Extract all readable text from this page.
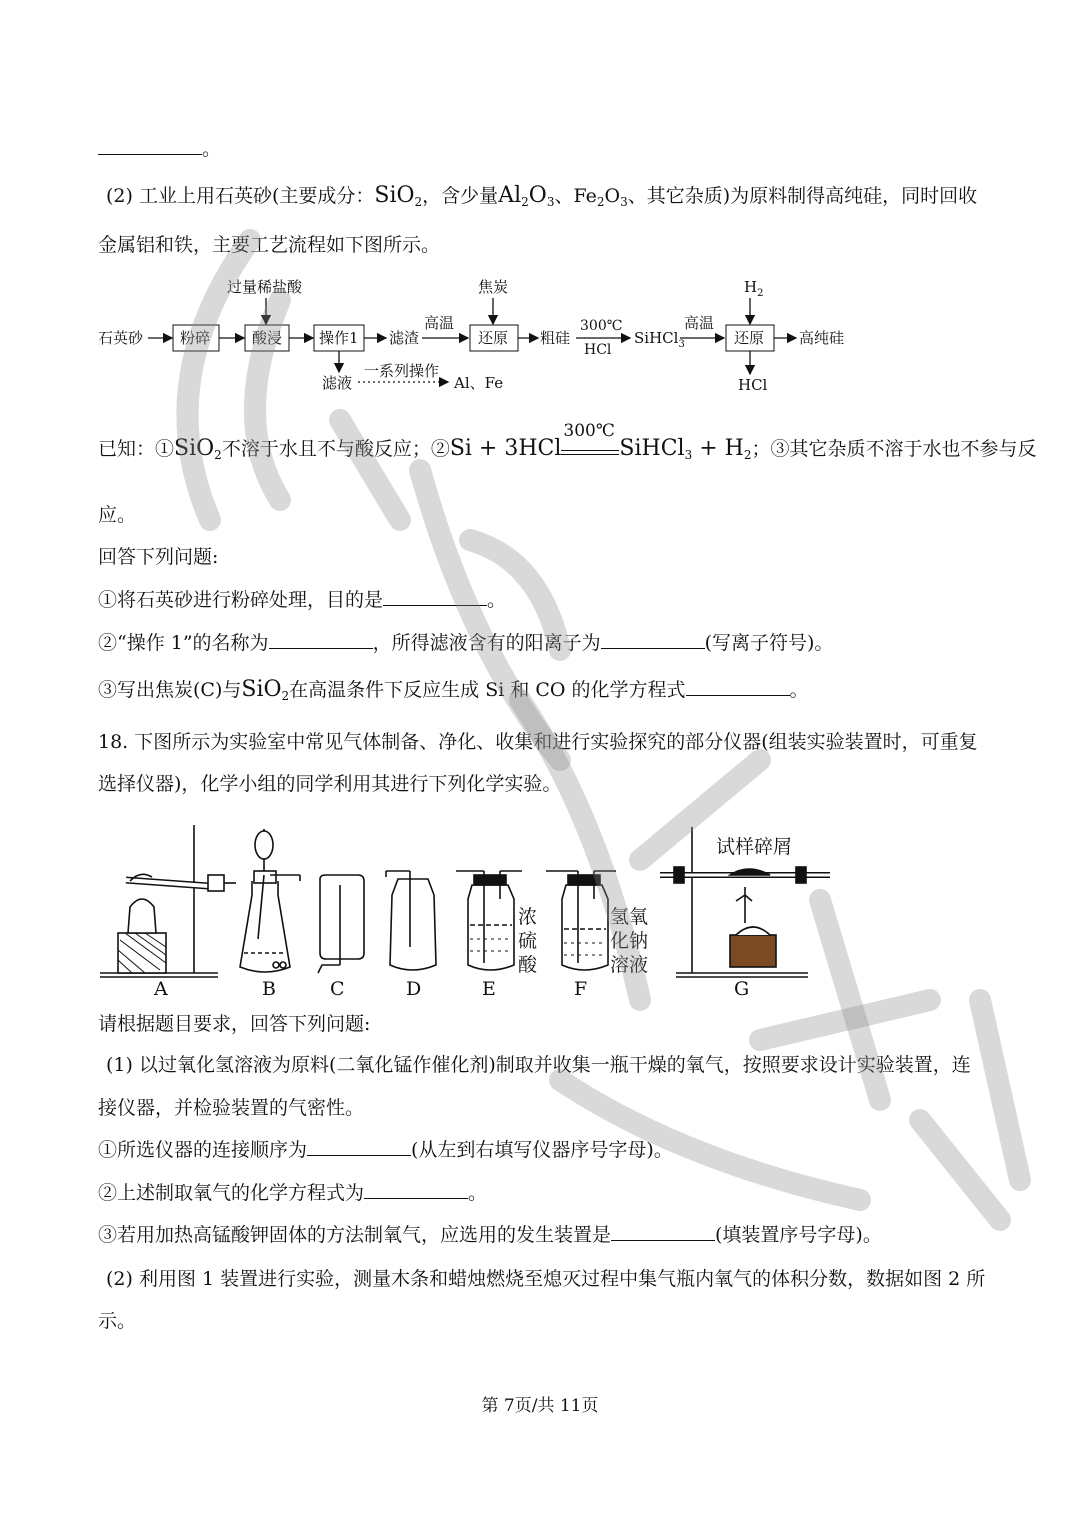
。
(2) 工业上用石英砂(主要成分：SiO$_2$，含少量$Al_2O_3$、$Fe_2O_3$、其它杂质)为原料制得高纯硅，同时回收
金属铝和铁，主要工艺流程如下图所示。
石英砂 粉碎
过量稀盐酸
酸浸 操作1 滤渣
滤液
一系列操作
Al、Fe
高温
焦炭
还原 粗硅
300℃
HCl
SiHCl$_3$
高温
$H_2$
还原 高纯硅
HCl
已知：①SiO$_2$不溶于水且不与酸反应；②Si + 3HCl
300℃
SiHCl$_3$ + $H_2$；③其它杂质不溶于水也不参与反
应。
回答下列问题:
①将石英砂进行粉碎处理，目的是	。
②“操作 1”的名称为	，所得滤液含有的阳离子为	(写离子符号)。
③写出焦炭(C)与SiO$_2$在高温条件下反应生成 Si 和 CO 的化学方程式	。
18. 下图所示为实验室中常见气体制备、净化、收集和进行实验探究的部分仪器(组装实验装置时，可重复
选择仪器)，化学小组的同学利用其进行下列化学实验。
A	B	C	D	E	F	G
浓
硫
酸
氢氧
化钠
溶液
试样碎屑
请根据题目要求，回答下列问题:
(1) 以过氧化氢溶液为原料(二氧化锰作催化剂)制取并收集一瓶干燥的氧气，按照要求设计实验装置，连
接仪器，并检验装置的气密性。
①所选仪器的连接顺序为	(从左到右填写仪器序号字母)。
②上述制取氧气的化学方程式为	。
③若用加热高锰酸钾固体的方法制氧气，应选用的发生装置是	(填装置序号字母)。
(2) 利用图 1 装置进行实验，测量木条和蜡烛燃烧至熄灭过程中集气瓶内氧气的体积分数，数据如图 2 所
示。
第 7页/共 11页
